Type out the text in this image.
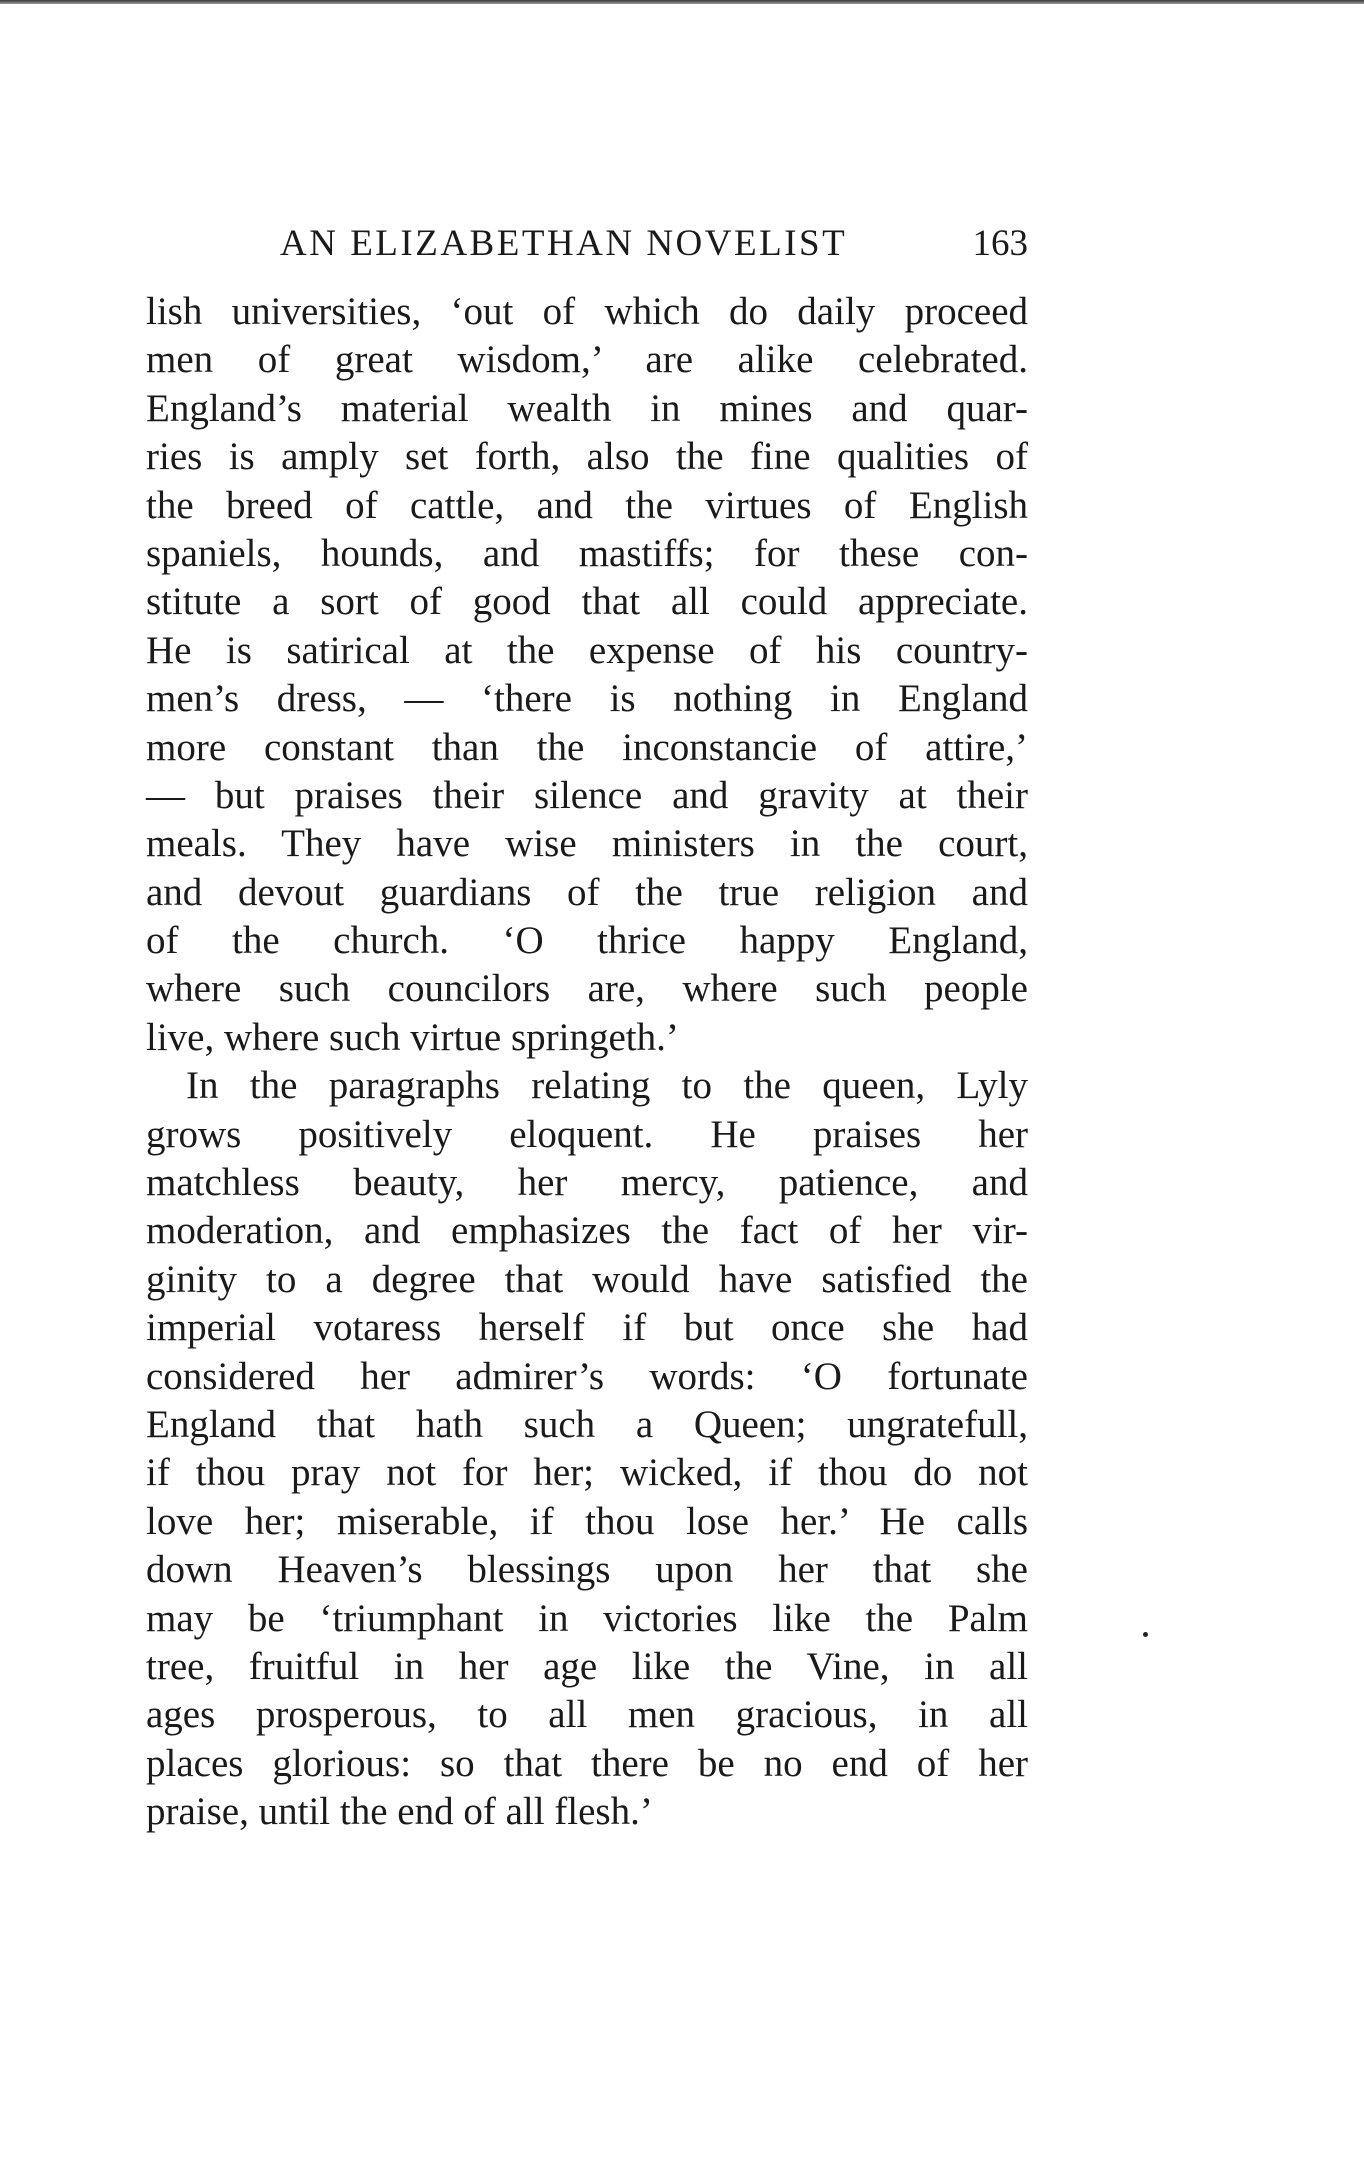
AN ELIZABETHAN NOVELIST	163
lish universities, ‘out of which do daily proceed
men of great wisdom,’ are alike celebrated.
England’s material wealth in mines and quar-
ries is amply set forth, also the fine qualities of
the breed of cattle, and the virtues of English
spaniels, hounds, and mastiffs; for these con-
stitute a sort of good that all could appreciate.
He is satirical at the expense of his country-
men’s dress, — ‘there is nothing in England
more constant than the inconstancie of attire,’
— but praises their silence and gravity at their
meals. They have wise ministers in the court,
and devout guardians of the true religion and
of the church. ‘O thrice happy England,
where such councilors are, where such people
live, where such virtue springeth.’
In the paragraphs relating to the queen, Lyly
grows positively eloquent. He praises her
matchless beauty, her mercy, patience, and
moderation, and emphasizes the fact of her vir-
ginity to a degree that would have satisfied the
imperial votaress herself if but once she had
considered her admirer’s words: ‘O fortunate
England that hath such a Queen; ungratefull,
if thou pray not for her; wicked, if thou do not
love her; miserable, if thou lose her.’ He calls
down Heaven’s blessings upon her that she
may be ‘triumphant in victories like the Palm
tree, fruitful in her age like the Vine, in all
ages prosperous, to all men gracious, in all
places glorious: so that there be no end of her
praise, until the end of all flesh.’
